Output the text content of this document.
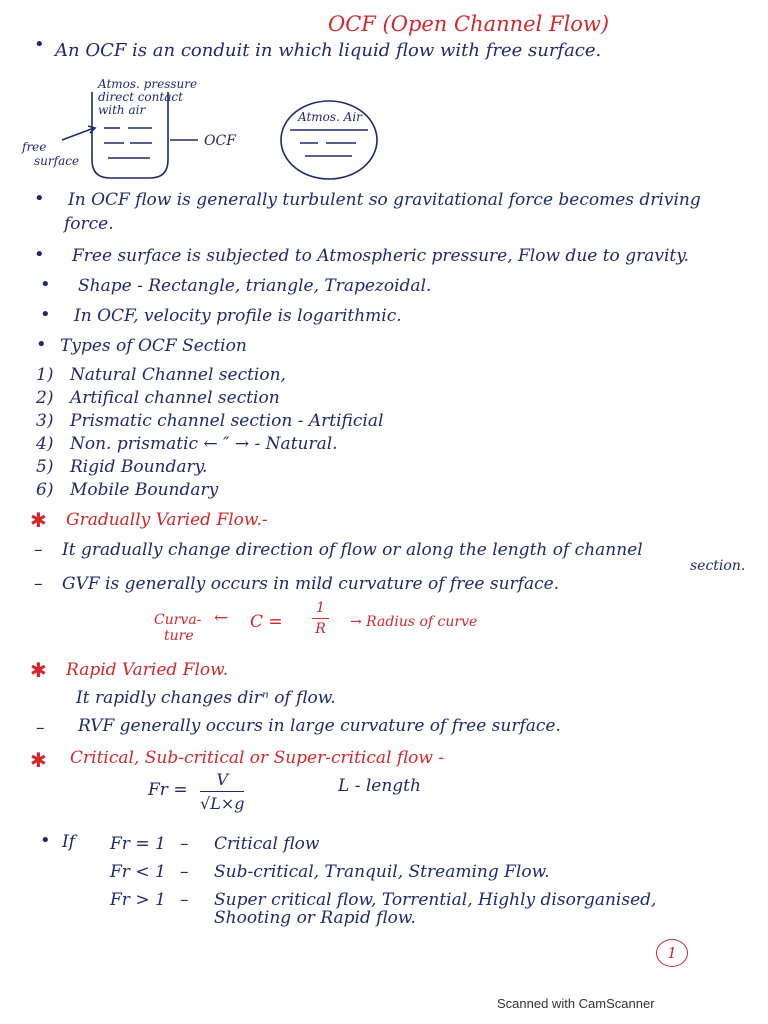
OCF (Open Channel Flow)
• An OCF is an conduit in which liquid flow with free surface.
Atmos. pressure
direct contact
with air
free
surface
OCF
Atmos. Air
• In OCF flow is generally turbulent so gravitational force becomes driving
force.
• Free surface is subjected to Atmospheric pressure, Flow due to gravity.
• Shape - Rectangle, triangle, Trapezoidal.
• In OCF, velocity profile is logarithmic.
• Types of OCF Section
1) Natural Channel section,
2) Artifical channel section
3) Prismatic channel section - Artificial
4) Non. prismatic ← ″ → - Natural.
5) Rigid Boundary.
6) Mobile Boundary
✱ Gradually Varied Flow.-
– It gradually change direction of flow or along the length of channel
section.
– GVF is generally occurs in mild curvature of free surface.
Curva-
ture
← $C = \frac{1}{R}$ → Radius of curve
✱ Rapid Varied Flow.
It rapidly changes dirⁿ of flow.
– RVF generally occurs in large curvature of free surface.
✱ Critical, Sub-critical or Super-critical flow -
$Fr = \frac{V}{√L\times g}$	L - length
• If Fr = 1 – Critical flow
Fr < 1 – Sub-critical, Tranquil, Streaming Flow.
Fr > 1 – Super critical flow, Torrential, Highly disorganised,
Shooting or Rapid flow.
1
Scanned with CamScanner
